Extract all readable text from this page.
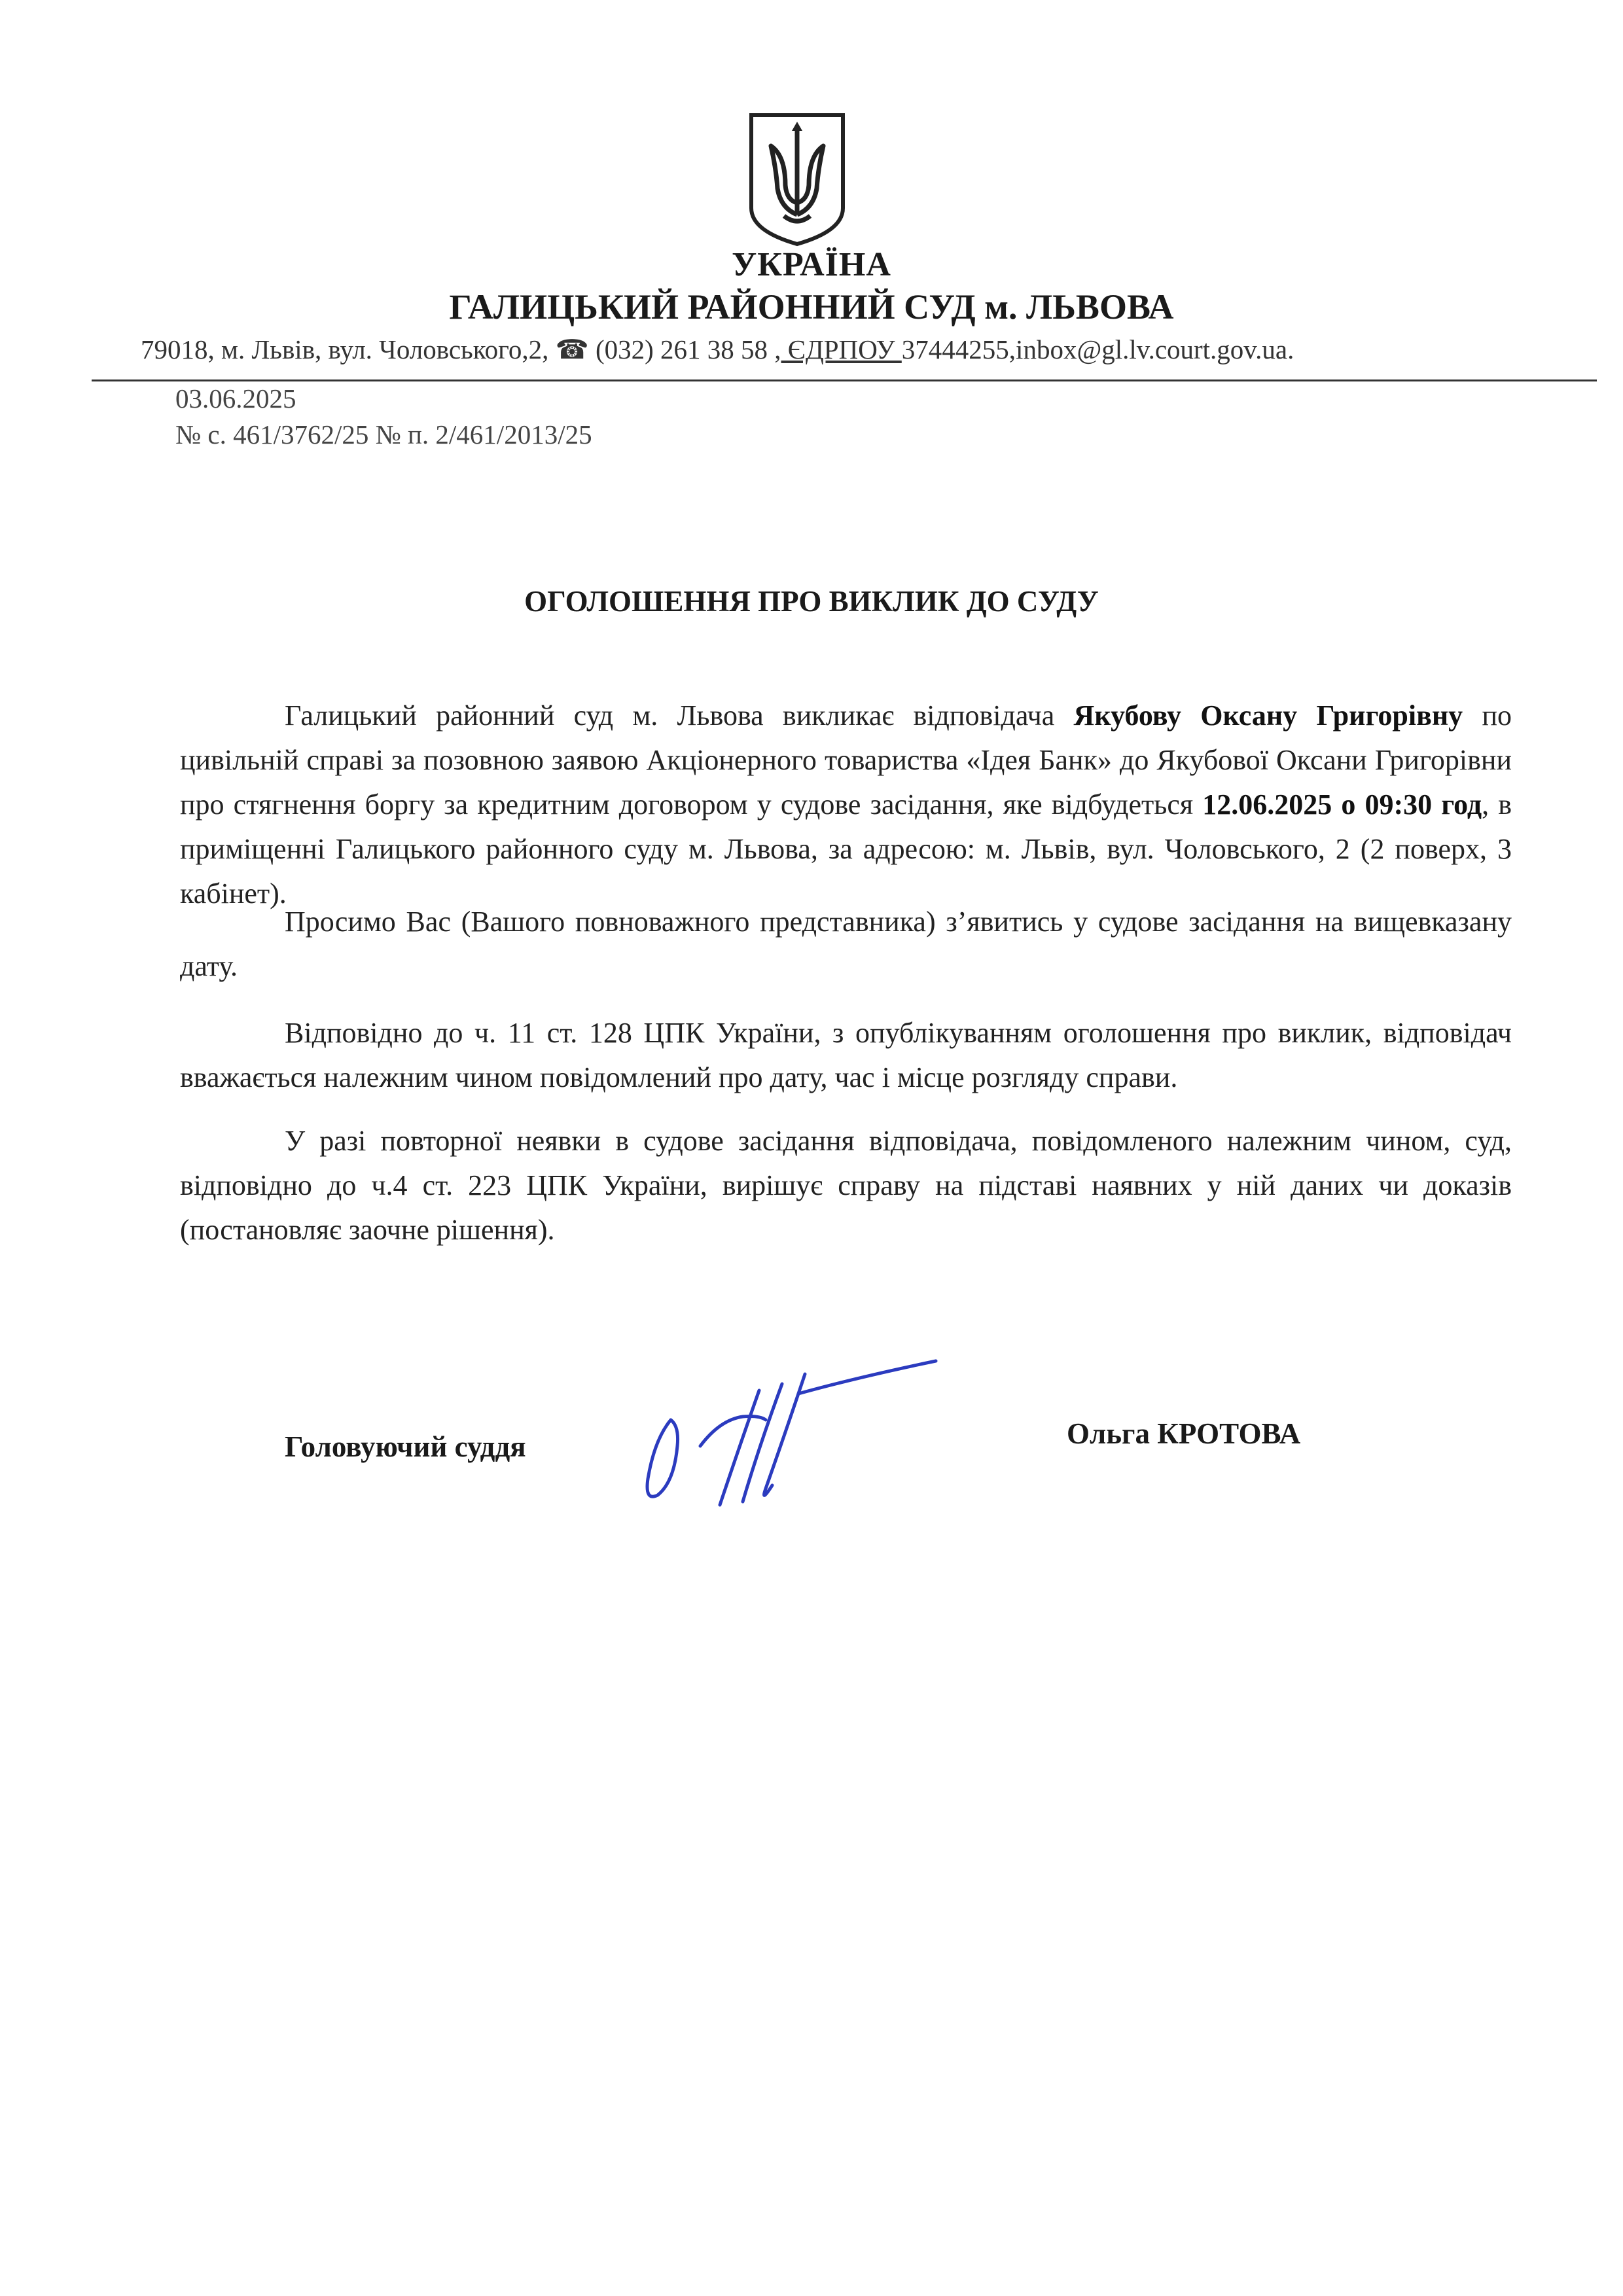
УКРАЇНА
ГАЛИЦЬКИЙ РАЙОННИЙ СУД м. ЛЬВОВА
79018, м. Львів, вул. Чоловського,2, ☎ (032) 261 38 58 , ЄДРПОУ 37444255,inbox@gl.lv.court.gov.ua.
03.06.2025
№ с. 461/3762/25 № п. 2/461/2013/25
ОГОЛОШЕННЯ ПРО ВИКЛИК ДО СУДУ
Галицький районний суд м. Львова викликає відповідача Якубову Оксану Григорівну по цивільній справі за позовною заявою Акціонерного товариства «Ідея Банк» до Якубової Оксани Григорівни про стягнення боргу за кредитним договором у судове засідання, яке відбудеться 12.06.2025 о 09:30 год, в приміщенні Галицького районного суду м. Львова, за адресою: м. Львів, вул. Чоловського, 2 (2 поверх, 3 кабінет).
Просимо Вас (Вашого повноважного представника) з’явитись у судове засідання на вищевказану дату.
Відповідно до ч. 11 ст. 128 ЦПК України, з опублікуванням оголошення про виклик, відповідач вважається належним чином повідомлений про дату, час і місце розгляду справи.
У разі повторної неявки в судове засідання відповідача, повідомленого належним чином, суд, відповідно до ч.4 ст. 223 ЦПК України, вирішує справу на підставі наявних у ній даних чи доказів (постановляє заочне рішення).
Головуючий суддя	Ольга КРОТОВА
